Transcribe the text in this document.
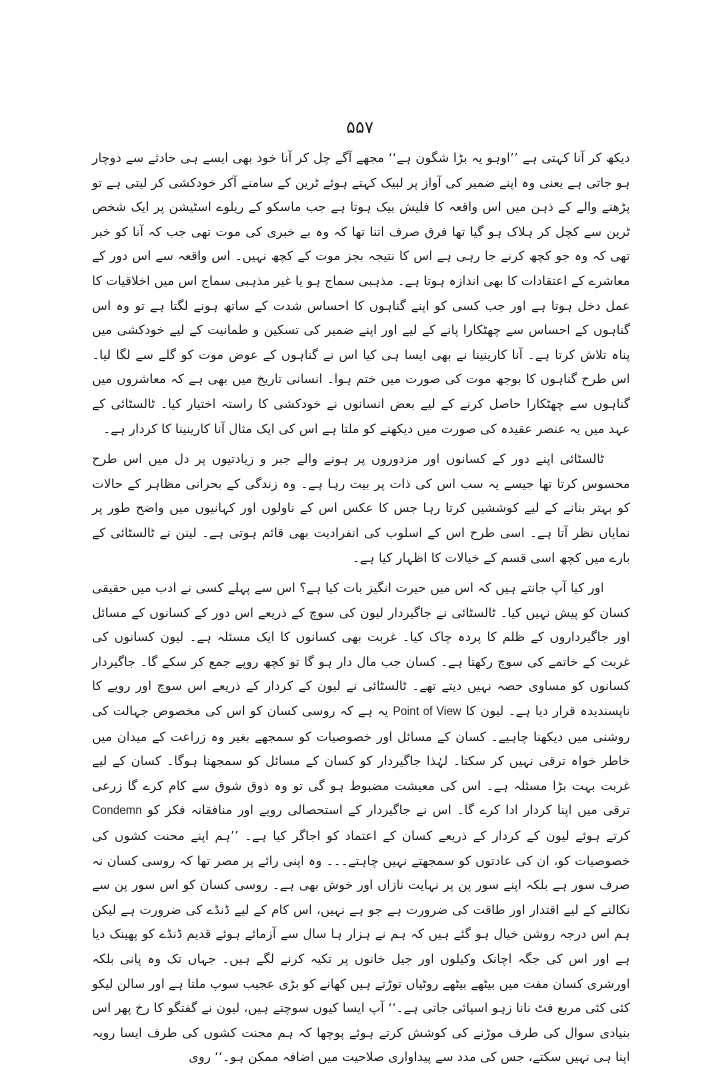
۵۵۷

دیکھ کر آنا کہتی ہے ’’اوہو یہ بڑا شگون ہے‘‘ مجھے آگے چل کر آنا خود بھی ایسے ہی حادثے سے دوچار ہو جاتی ہے یعنی وہ اپنے ضمیر کی آواز پر لبیک کہتے ہوئے ٹرین کے سامنے آکر خودکشی کر لیتی ہے تو پڑھنے والے کے ذہن میں اس واقعہ کا فلیش بیک ہوتا ہے جب ماسکو کے ریلوے اسٹیشن پر ایک شخص ٹرین سے کچل کر ہلاک ہو گیا تھا فرق صرف اتنا تھا کہ وہ بے خبری کی موت تھی جب کہ آنا کو خبر تھی کہ وہ جو کچھ کرنے جا رہی ہے اس کا نتیجہ بجز موت کے کچھ نہیں۔ اس واقعہ سے اس دور کے معاشرے کے اعتقادات کا بھی اندازہ ہوتا ہے۔ مذہبی سماج ہو یا غیر مذہبی سماج اس میں اخلاقیات کا عمل دخل ہوتا ہے اور جب کسی کو اپنے گناہوں کا احساس شدت کے ساتھ ہونے لگتا ہے تو وہ اس گناہوں کے احساس سے چھٹکارا پانے کے لیے اور اپنے ضمیر کی تسکین و طمانیت کے لیے خودکشی میں پناہ تلاش کرتا ہے۔ آنا کارینینا نے بھی ایسا ہی کیا اس نے گناہوں کے عوض موت کو گلے سے لگا لیا۔ اس طرح گناہوں کا بوجھ موت کی صورت میں ختم ہوا۔ انسانی تاریخ میں بھی ہے کہ معاشروں میں گناہوں سے چھٹکارا حاصل کرنے کے لیے بعض انسانوں نے خودکشی کا راستہ اختیار کیا۔ ٹالسٹائی کے عہد میں یہ عنصر عقیدہ کی صورت میں دیکھنے کو ملتا ہے اس کی ایک مثال آنا کارینینا کا کردار ہے۔

ٹالسٹائی اپنے دور کے کسانوں اور مزدوروں پر ہونے والے جبر و زیادتیوں پر دل میں اس طرح محسوس کرتا تھا جیسے یہ سب اس کی ذات پر بیت رہا ہے۔ وہ زندگی کے بحرانی مظاہر کے حالات کو بہتر بنانے کے لیے کوششیں کرتا رہا جس کا عکس اس کے ناولوں اور کہانیوں میں واضح طور پر نمایاں نظر آتا ہے۔ اسی طرح اس کے اسلوب کی انفرادیت بھی قائم ہوتی ہے۔ لینن نے ٹالسٹائی کے بارے میں کچھ اسی قسم کے خیالات کا اظہار کیا ہے۔

اور کیا آپ جانتے ہیں کہ اس میں حیرت انگیز بات کیا ہے؟ اس سے پہلے کسی نے ادب میں حقیقی کسان کو پیش نہیں کیا۔ ٹالسٹائی نے جاگیردار لیون کی سوچ کے ذریعے اس دور کے کسانوں کے مسائل اور جاگیرداروں کے ظلم کا پردہ چاک کیا۔ غربت بھی کسانوں کا ایک مسئلہ ہے۔ لیون کسانوں کی غربت کے خاتمے کی سوچ رکھتا ہے۔ کسان جب مال دار ہو گا تو کچھ روپے جمع کر سکے گا۔ جاگیردار کسانوں کو مساوی حصہ نہیں دیتے تھے۔ ٹالسٹائی نے لیون کے کردار کے ذریعے اس سوچ اور رویے کا ناپسندیدہ قرار دیا ہے۔ لیون کا Point of View یہ ہے کہ روسی کسان کو اس کی مخصوص جہالت کی روشنی میں دیکھنا چاہیے۔ کسان کے مسائل اور خصوصیات کو سمجھے بغیر وہ زراعت کے میدان میں خاطر خواہ ترقی نہیں کر سکتا۔ لہٰذا جاگیردار کو کسان کے مسائل کو سمجھنا ہوگا۔ کسان کے لیے غربت بہت بڑا مسئلہ ہے۔ اس کی معیشت مضبوط ہو گی تو وہ ذوق شوق سے کام کرے گا زرعی ترقی میں اپنا کردار ادا کرے گا۔ اس نے جاگیردار کے استحصالی رویے اور منافقانہ فکر کو Condemn کرتے ہوئے لیون کے کردار کے ذریعے کسان کے اعتماد کو اجاگر کیا ہے۔ ’’ہم اپنے محنت کشوں کی خصوصیات کو، ان کی عادتوں کو سمجھتے نہیں چاہتے۔۔۔ وہ اپنی رائے پر مصر تھا کہ روسی کسان نہ صرف سور ہے بلکہ اپنے سور پن پر نہایت نازاں اور خوش بھی ہے۔ روسی کسان کو اس سور پن سے نکالنے کے لیے اقتدار اور طاقت کی ضرورت ہے جو ہے نہیں، اس کام کے لیے ڈنڈے کی ضرورت ہے لیکن ہم اس درجہ روشن خیال ہو گئے ہیں کہ ہم نے ہزار ہا سال سے آزمائے ہوئے قدیم ڈنڈے کو پھینک دیا ہے اور اس کی جگہ اچانک وکیلوں اور جیل خانوں پر تکیہ کرنے لگے ہیں۔ جہاں تک وہ پانی بلکہ اورشری کسان مفت میں بیٹھے بیٹھے روٹیاں توڑتے ہیں کھانے کو بڑی عجیب سوپ ملتا ہے اور سالن لیکو کئی کئی مربع فٹ نانا زہو اسپائی جاتی ہے۔‘‘ آپ ایسا کیوں سوچتے ہیں، لیون نے گفتگو کا رخ پھر اس بنیادی سوال کی طرف موڑنے کی کوشش کرتے ہوئے پوچھا کہ ہم محنت کشوں کی طرف ایسا رویہ اپنا ہی نہیں سکتے، جس کی مدد سے پیداواری صلاحیت میں اضافہ ممکن ہو۔‘‘ روی
